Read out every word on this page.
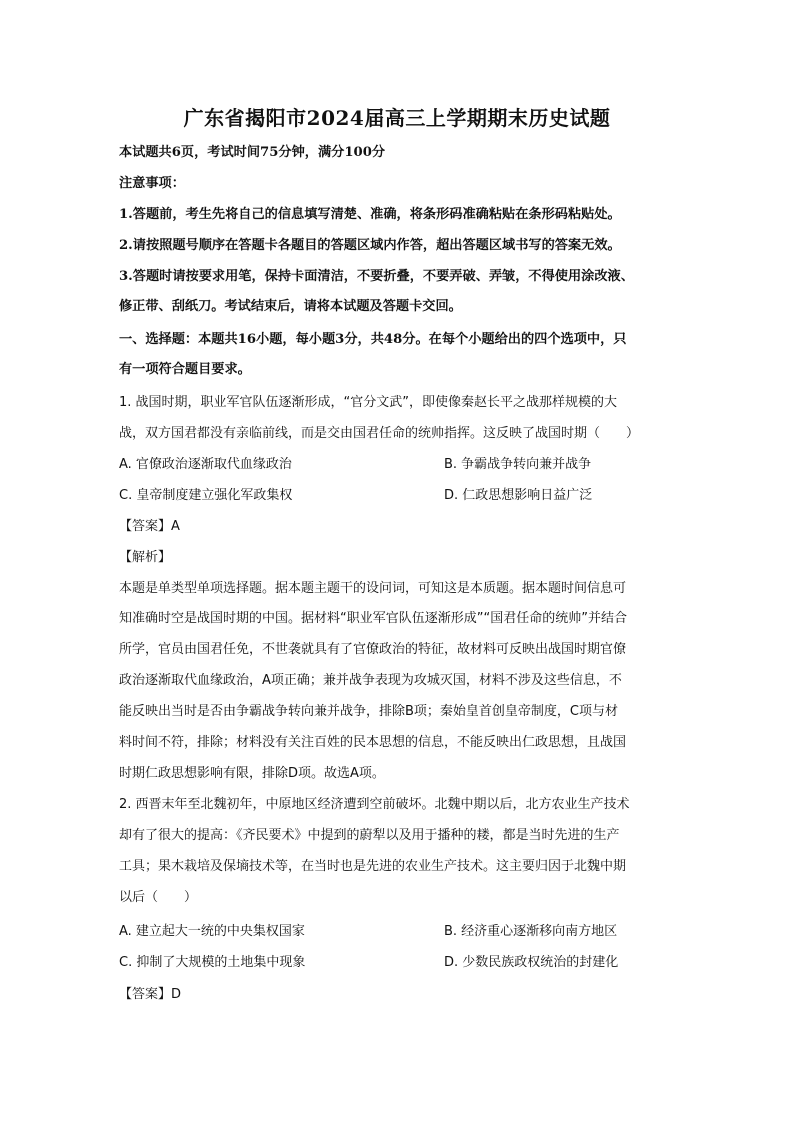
广东省揭阳市2024届高三上学期期末历史试题
本试题共6页，考试时间75分钟，满分100分
注意事项：
1.答题前，考生先将自己的信息填写清楚、准确，将条形码准确粘贴在条形码粘贴处。
2.请按照题号顺序在答题卡各题目的答题区域内作答，超出答题区域书写的答案无效。
3.答题时请按要求用笔，保持卡面清洁，不要折叠，不要弄破、弄皱，不得使用涂改液、
修正带、刮纸刀。考试结束后，请将本试题及答题卡交回。
一、选择题：本题共16小题，每小题3分，共48分。在每个小题给出的四个选项中，只
有一项符合题目要求。
1. 战国时期，职业军官队伍逐渐形成，“官分文武”，即使像秦赵长平之战那样规模的大
战，双方国君都没有亲临前线，而是交由国君任命的统帅指挥。这反映了战国时期（　　）
A. 官僚政治逐渐取代血缘政治	B. 争霸战争转向兼并战争
C. 皇帝制度建立强化军政集权	D. 仁政思想影响日益广泛
【答案】A
【解析】
本题是单类型单项选择题。据本题主题干的设问词，可知这是本质题。据本题时间信息可
知准确时空是战国时期的中国。据材料“职业军官队伍逐渐形成”“国君任命的统帅”并结合
所学，官员由国君任免，不世袭就具有了官僚政治的特征，故材料可反映出战国时期官僚
政治逐渐取代血缘政治，A项正确；兼并战争表现为攻城灭国，材料不涉及这些信息，不
能反映出当时是否由争霸战争转向兼并战争，排除B项；秦始皇首创皇帝制度，C项与材
料时间不符，排除；材料没有关注百姓的民本思想的信息，不能反映出仁政思想，且战国
时期仁政思想影响有限，排除D项。故选A项。
2. 西晋末年至北魏初年，中原地区经济遭到空前破坏。北魏中期以后，北方农业生产技术
却有了很大的提高：《齐民要术》中提到的蔚犁以及用于播种的耧，都是当时先进的生产
工具；果木栽培及保墒技术等，在当时也是先进的农业生产技术。这主要归因于北魏中期
以后（　　）
A. 建立起大一统的中央集权国家	B. 经济重心逐渐移向南方地区
C. 抑制了大规模的土地集中现象	D. 少数民族政权统治的封建化
【答案】D
